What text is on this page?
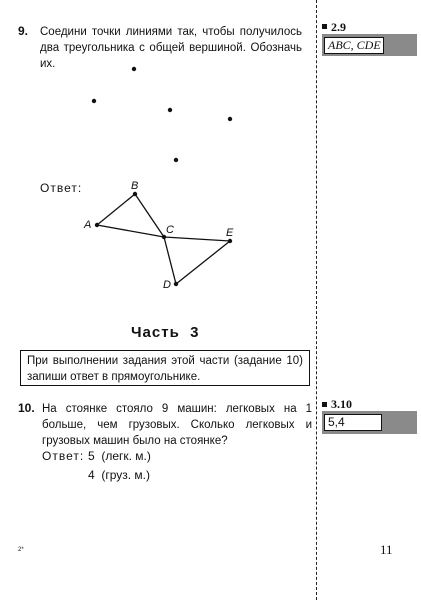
9. Соедини точки линиями так, чтобы получилось два треугольника с общей вершиной. Обозначь их.
Ответ:
A
B
C
D
E
Часть  3
При выполнении задания этой части (задание 10) запиши ответ в прямоугольнике.
10. На стоянке стояло 9 машин: легковых на 1 больше, чем грузовых. Сколько легковых и грузовых машин было на стоянке?
Ответ: 5  (легк. м.)
4  (груз. м.)
2.9
ABC, CDE
3.10
5,4
2*	11
